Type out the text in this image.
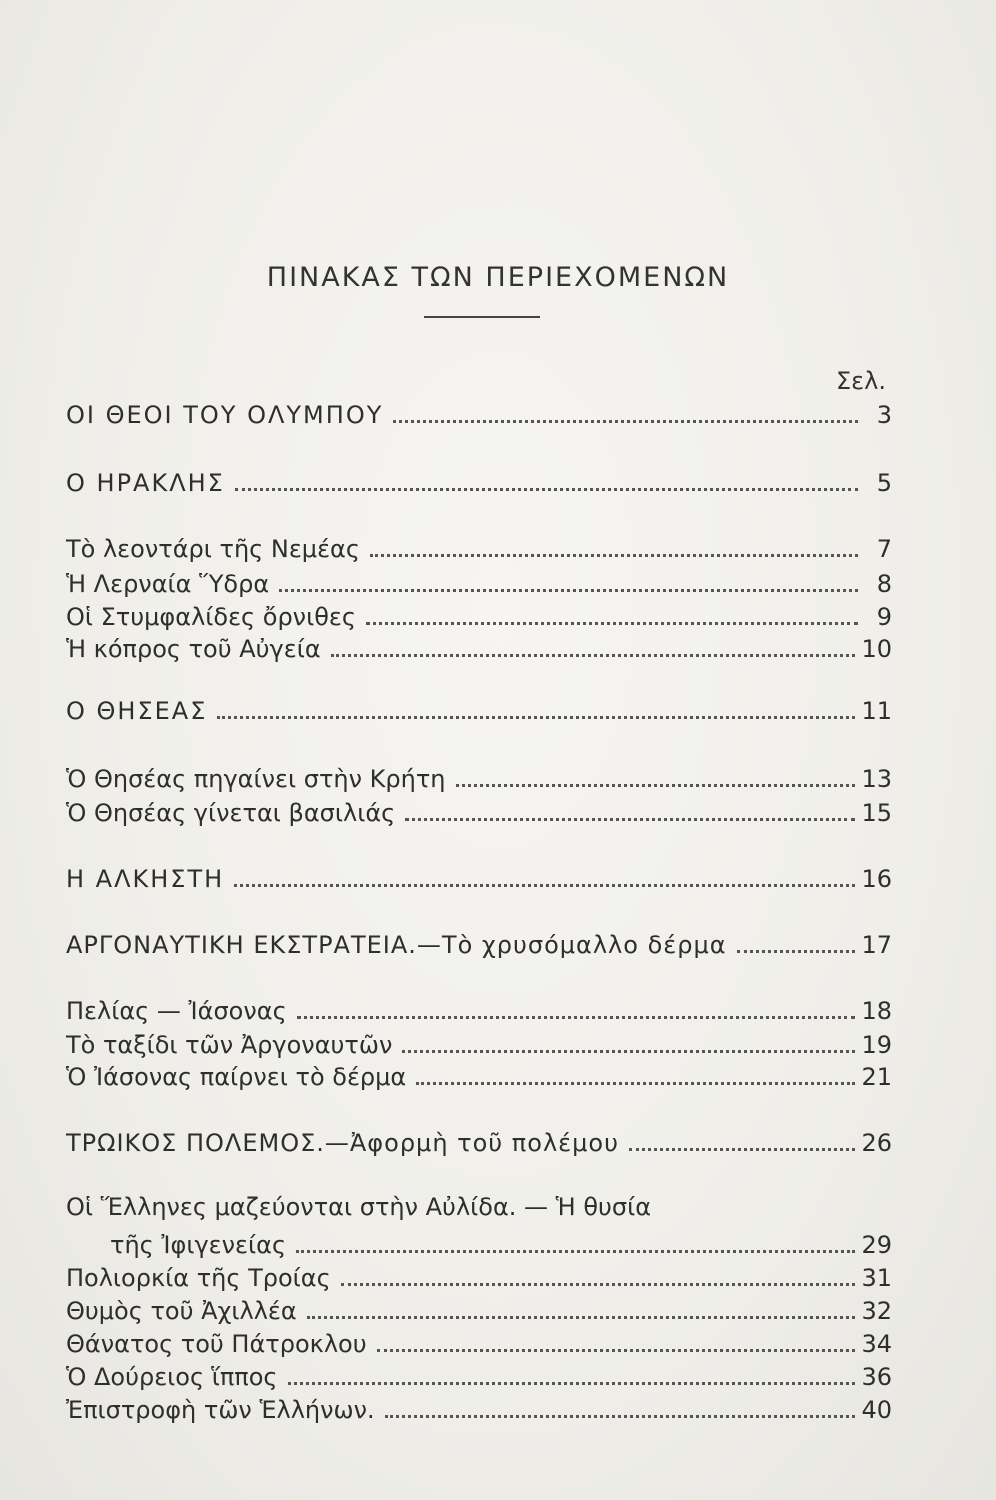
ΠΙΝΑΚΑΣ ΤΩΝ ΠΕΡΙΕΧΟΜΕΝΩΝ
Σελ.
ΟΙ ΘΕΟΙ ΤΟΥ ΟΛΥΜΠΟΥ	3
Ο ΗΡΑΚΛΗΣ	5
Τὸ λεοντάρι τῆς Νεμέας	7
Ἡ Λερναία Ὕδρα	8
Οἱ Στυμφαλίδες ὄρνιθες	9
Ἡ κόπρος τοῦ Αὐγεία	10
Ο ΘΗΣΕΑΣ	11
Ὁ Θησέας πηγαίνει στὴν Κρήτη	13
Ὁ Θησέας γίνεται βασιλιάς	15
Η ΑΛΚΗΣΤΗ	16
ΑΡΓΟΝΑΥΤΙΚΗ ΕΚΣΤΡΑΤΕΙΑ.—Τὸ χρυσόμαλλο δέρμα	17
Πελίας — Ἰάσονας	18
Τὸ ταξίδι τῶν Ἀργοναυτῶν	19
Ὁ Ἰάσονας παίρνει τὸ δέρμα	21
ΤΡΩΙΚΟΣ ΠΟΛΕΜΟΣ.—Ἀφορμὴ τοῦ πολέμου	26
Οἱ Ἕλληνες μαζεύονται στὴν Αὐλίδα. — Ἡ θυσία
τῆς Ἰφιγενείας	29
Πολιορκία τῆς Τροίας	31
Θυμὸς τοῦ Ἀχιλλέα	32
Θάνατος τοῦ Πάτροκλου	34
Ὁ Δούρειος ἵππος	36
Ἐπιστροφὴ τῶν Ἑλλήνων.	40
